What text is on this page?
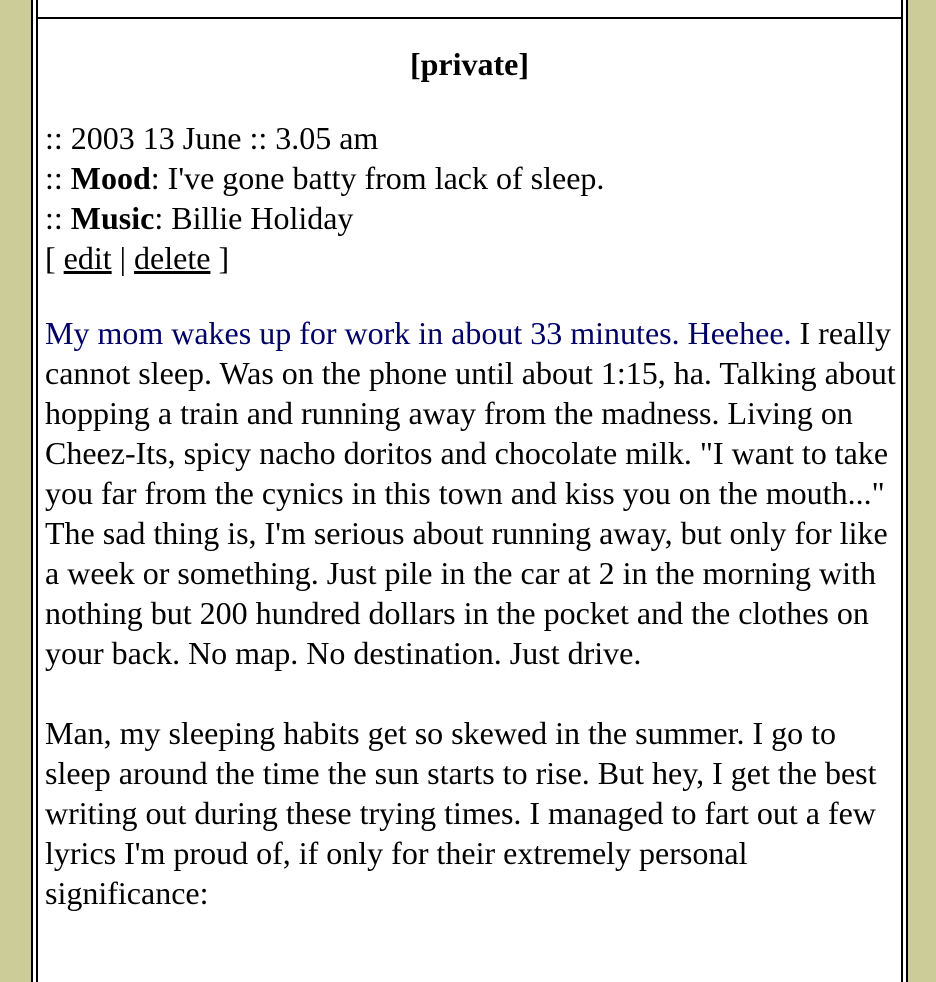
[private]
:: 2003 13 June :: 3.05 am
:: Mood: I've gone batty from lack of sleep.
:: Music: Billie Holiday
[ edit | delete ]
My mom wakes up for work in about 33 minutes. Heehee. I really cannot sleep. Was on the phone until about 1:15, ha. Talking about hopping a train and running away from the madness. Living on Cheez-Its, spicy nacho doritos and chocolate milk. "I want to take you far from the cynics in this town and kiss you on the mouth..." The sad thing is, I'm serious about running away, but only for like a week or something. Just pile in the car at 2 in the morning with nothing but 200 hundred dollars in the pocket and the clothes on your back. No map. No destination. Just drive.
Man, my sleeping habits get so skewed in the summer. I go to sleep around the time the sun starts to rise. But hey, I get the best writing out during these trying times. I managed to fart out a few lyrics I'm proud of, if only for their extremely personal significance:
